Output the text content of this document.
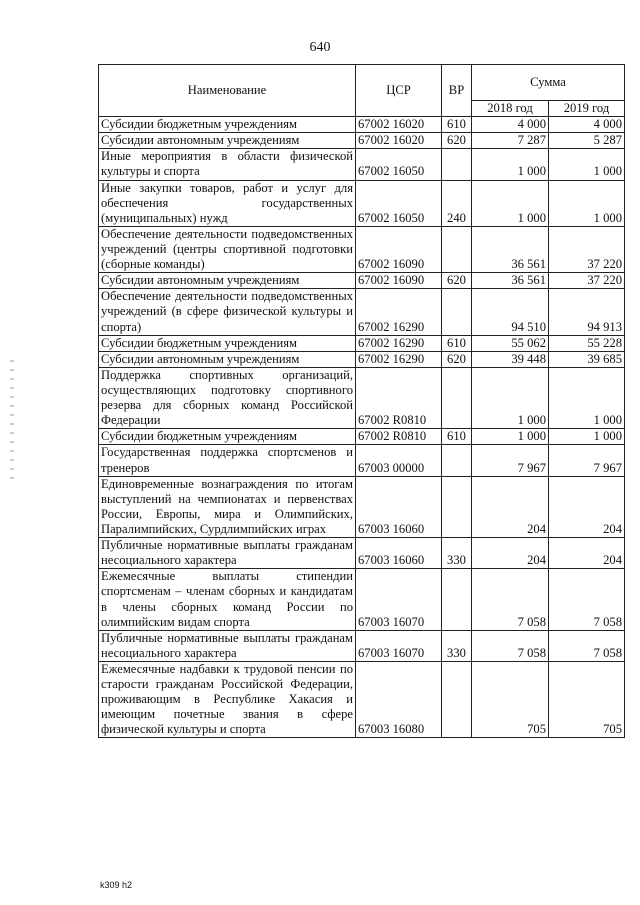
640
Наименование	ЦСР	ВР	Сумма	
			2018 год	2019 год
Субсидии бюджетным учреждениям	67002 16020	610	4 000	4 000
Субсидии автономным учреждениям	67002 16020	620	7 287	5 287
Иные мероприятия в области физической культуры и спорта	67002 16050		1 000	1 000
Иные закупки товаров, работ и услуг для обеспечения государственных (муниципальных) нужд	67002 16050	240	1 000	1 000
Обеспечение деятельности подведомственных учреждений (центры спортивной подготовки (сборные команды)	67002 16090		36 561	37 220
Субсидии автономным учреждениям	67002 16090	620	36 561	37 220
Обеспечение деятельности подведомственных учреждений (в сфере физической культуры и спорта)	67002 16290		94 510	94 913
Субсидии бюджетным учреждениям	67002 16290	610	55 062	55 228
Субсидии автономным учреждениям	67002 16290	620	39 448	39 685
Поддержка спортивных организаций, осуществляющих подготовку спортивного резерва для сборных команд Российской Федерации	67002 R0810		1 000	1 000
Субсидии бюджетным учреждениям	67002 R0810	610	1 000	1 000
Государственная поддержка спортсменов и тренеров	67003 00000		7 967	7 967
Единовременные вознаграждения по итогам выступлений на чемпионатах и первенствах России, Европы, мира и Олимпийских, Паралимпийских, Сурдлимпийских играх	67003 16060		204	204
Публичные нормативные выплаты гражданам несоциального характера	67003 16060	330	204	204
Ежемесячные выплаты стипендии спортсменам – членам сборных и кандидатам в члены сборных команд России по олимпийским видам спорта	67003 16070		7 058	7 058
Публичные нормативные выплаты гражданам несоциального характера	67003 16070	330	7 058	7 058
Ежемесячные надбавки к трудовой пенсии по старости гражданам Российской Федерации, проживающим в Республике Хакасия и имеющим почетные звания в сфере физической культуры и спорта	67003 16080		705	705
k309 h2
